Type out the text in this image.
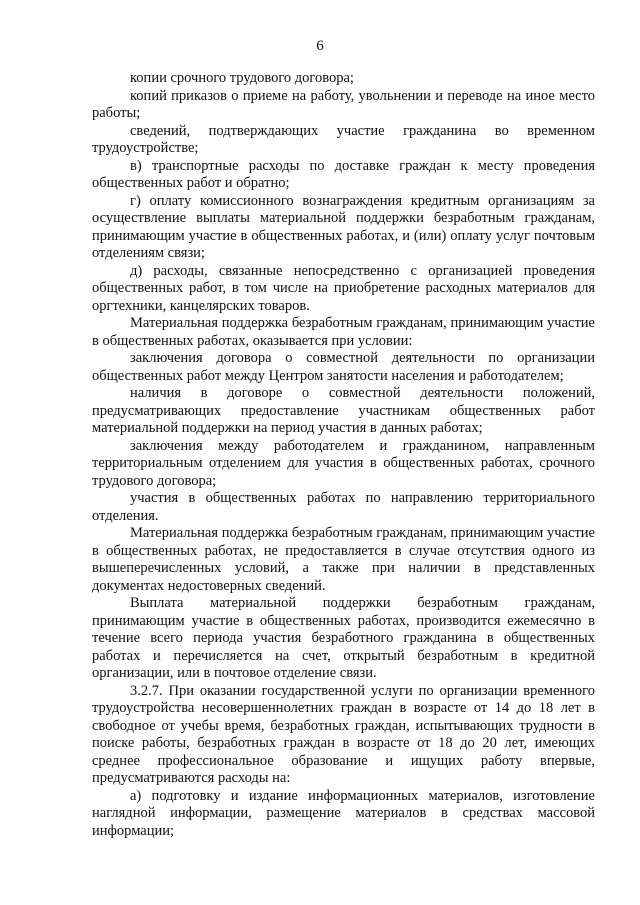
6

копии срочного трудового договора;

копий приказов о приеме на работу, увольнении и переводе на иное место работы;

сведений, подтверждающих участие гражданина во временном трудоустройстве;

в) транспортные расходы по доставке граждан к месту проведения общественных работ и обратно;

г) оплату комиссионного вознаграждения кредитным организациям за осуществление выплаты материальной поддержки безработным гражданам, принимающим участие в общественных работах, и (или) оплату услуг почтовым отделениям связи;

д) расходы, связанные непосредственно с организацией проведения общественных работ, в том числе на приобретение расходных материалов для оргтехники, канцелярских товаров.

Материальная поддержка безработным гражданам, принимающим участие в общественных работах, оказывается при условии:

заключения договора о совместной деятельности по организации общественных работ между Центром занятости населения и работодателем;

наличия в договоре о совместной деятельности положений, предусматривающих предоставление участникам общественных работ материальной поддержки на период участия в данных работах;

заключения между работодателем и гражданином, направленным территориальным отделением для участия в общественных работах, срочного трудового договора;

участия в общественных работах по направлению территориального отделения.

Материальная поддержка безработным гражданам, принимающим участие в общественных работах, не предоставляется в случае отсутствия одного из вышеперечисленных условий, а также при наличии в представленных документах недостоверных сведений.

Выплата материальной поддержки безработным гражданам, принимающим участие в общественных работах, производится ежемесячно в течение всего периода участия безработного гражданина в общественных работах и перечисляется на счет, открытый безработным в кредитной организации, или в почтовое отделение связи.

3.2.7. При оказании государственной услуги по организации временного трудоустройства несовершеннолетних граждан в возрасте от 14 до 18 лет в свободное от учебы время, безработных граждан, испытывающих трудности в поиске работы, безработных граждан в возрасте от 18 до 20 лет, имеющих среднее профессиональное образование и ищущих работу впервые, предусматриваются расходы на:

а) подготовку и издание информационных материалов, изготовление наглядной информации, размещение материалов в средствах массовой информации;
